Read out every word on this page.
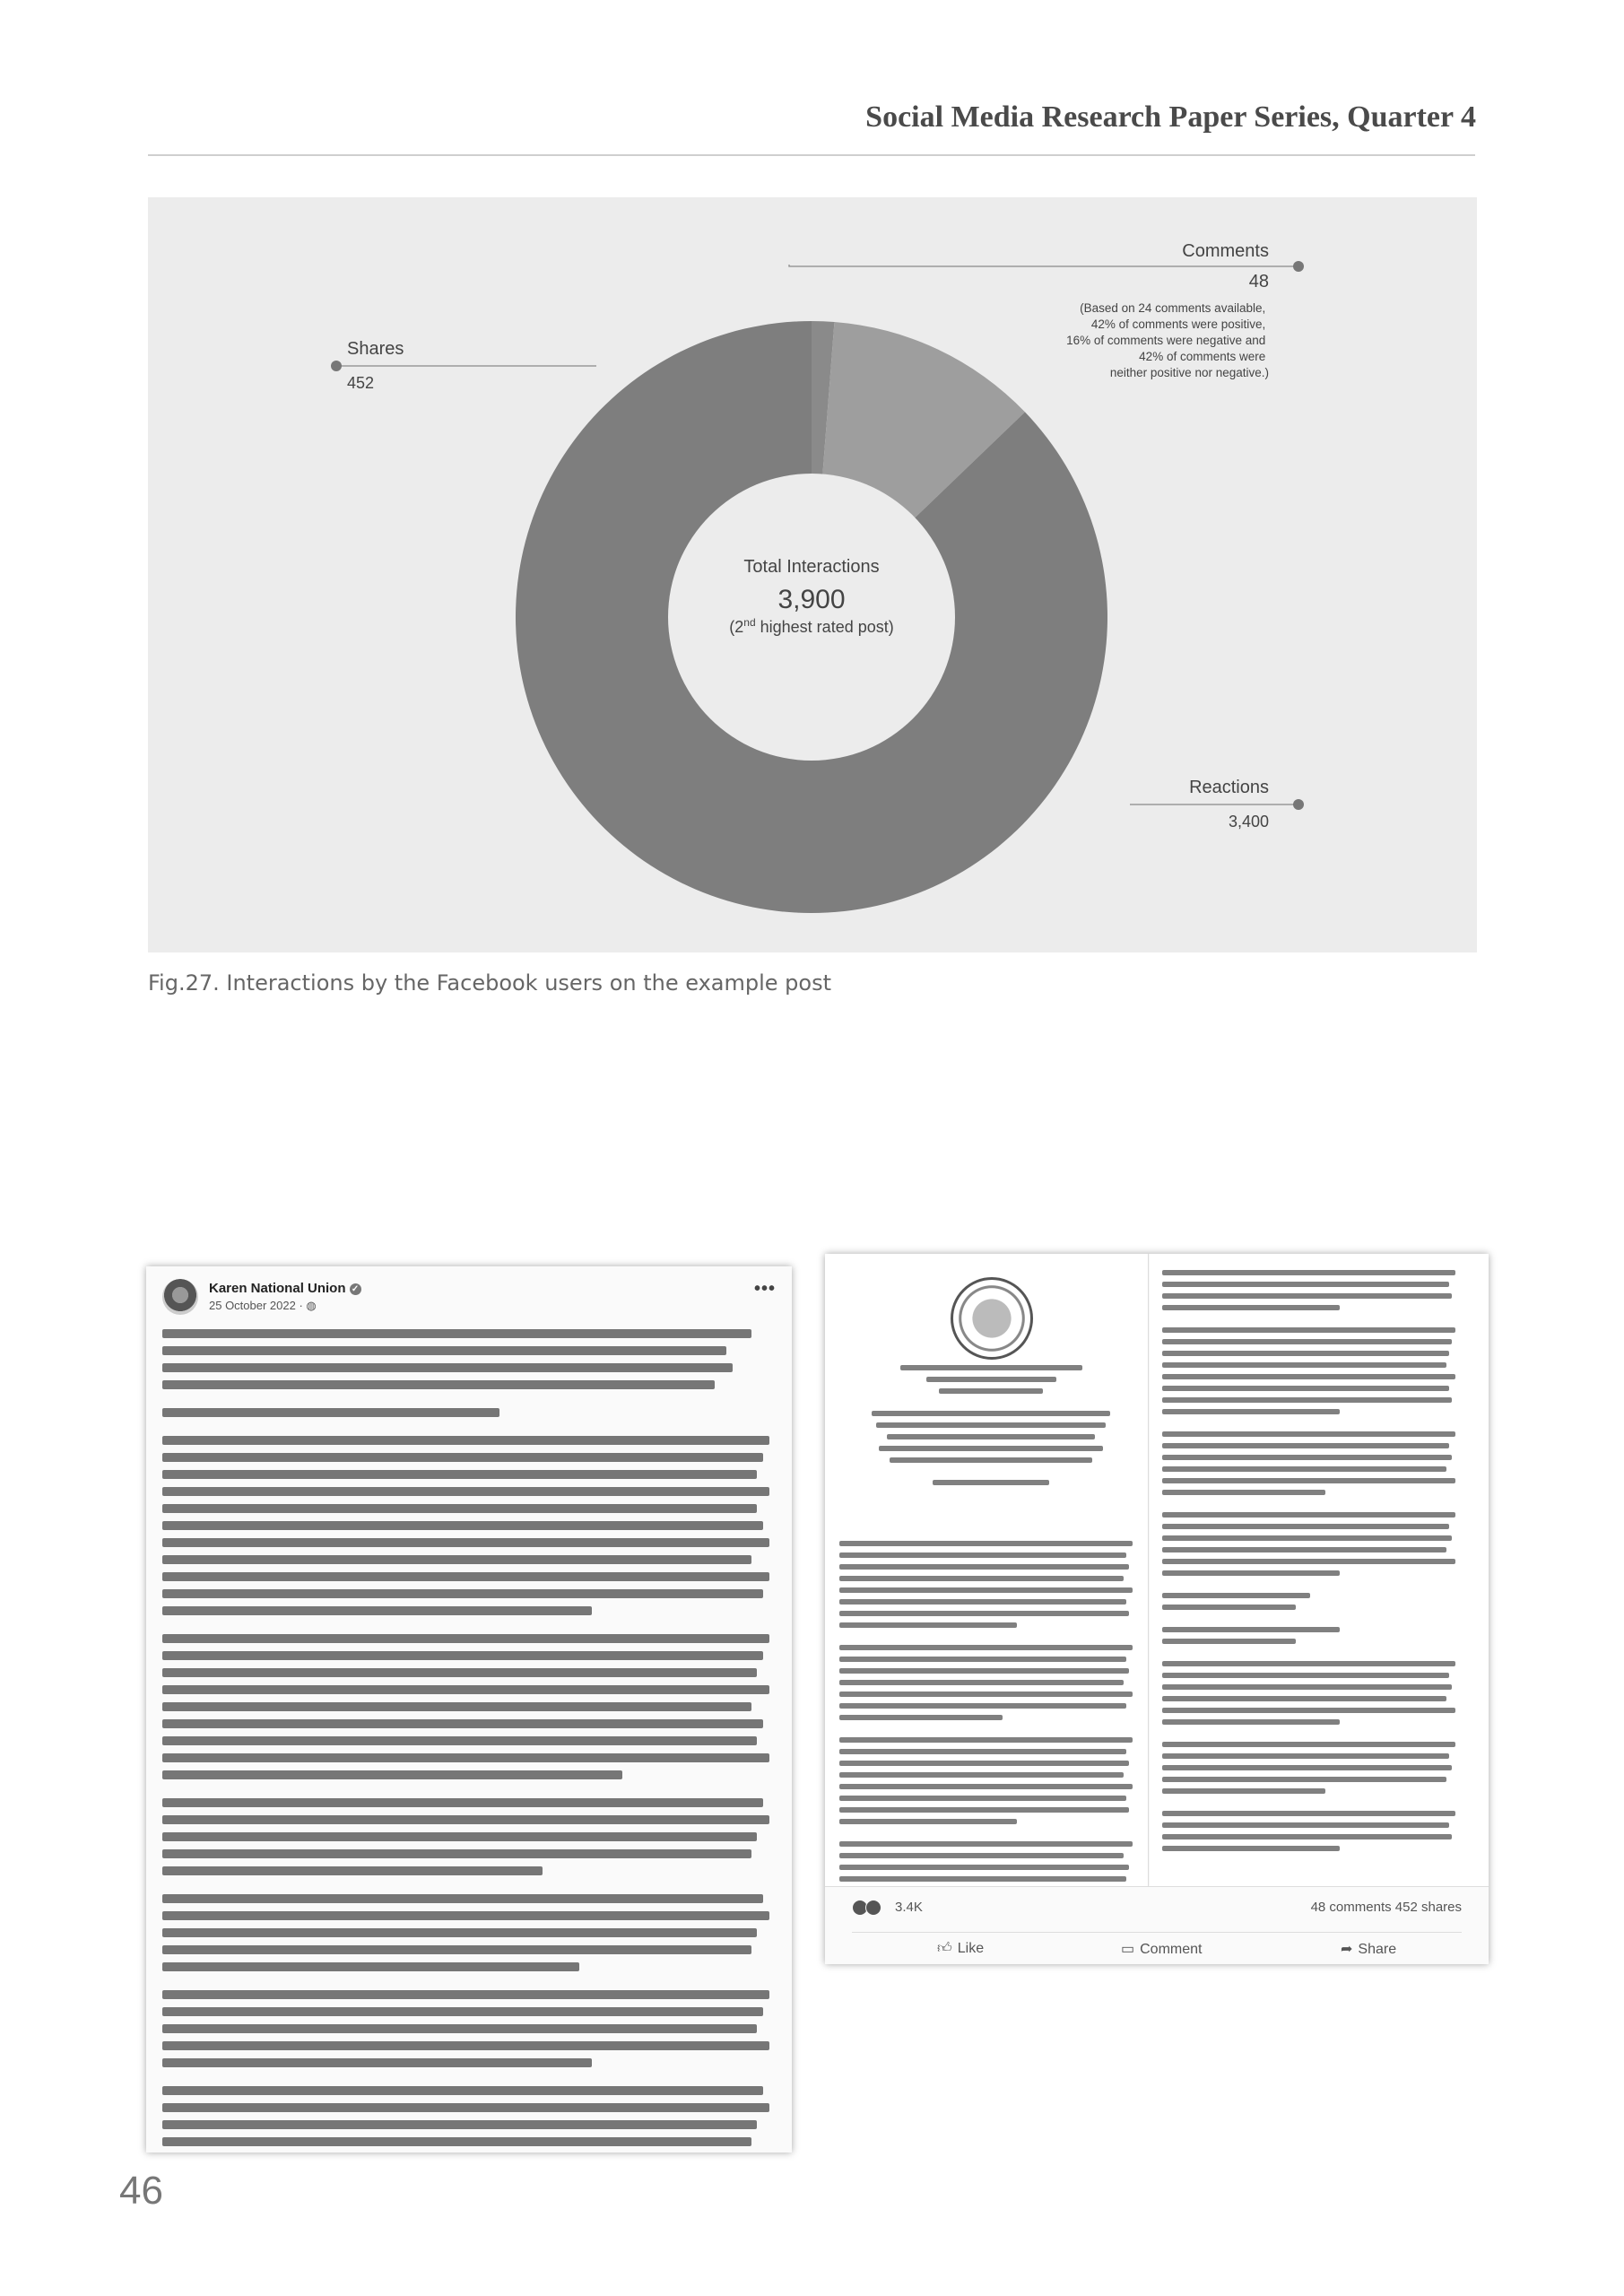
Social Media Research Paper Series, Quarter 4
Total Interactions
3,900
(2nd highest rated post)
Comments
48
(Based on 24 comments available, 42% of comments were positive, 16% of comments were negative and 42% of comments were neither positive nor negative.)
Shares
452
Reactions
3,400
Fig.27. Interactions by the Facebook users on the example post
Karen National Union ✓
25 October 2022 · ◍
•••
3.4K	48 comments 452 shares
👍︎ Like	▭ Comment	➦ Share
46
